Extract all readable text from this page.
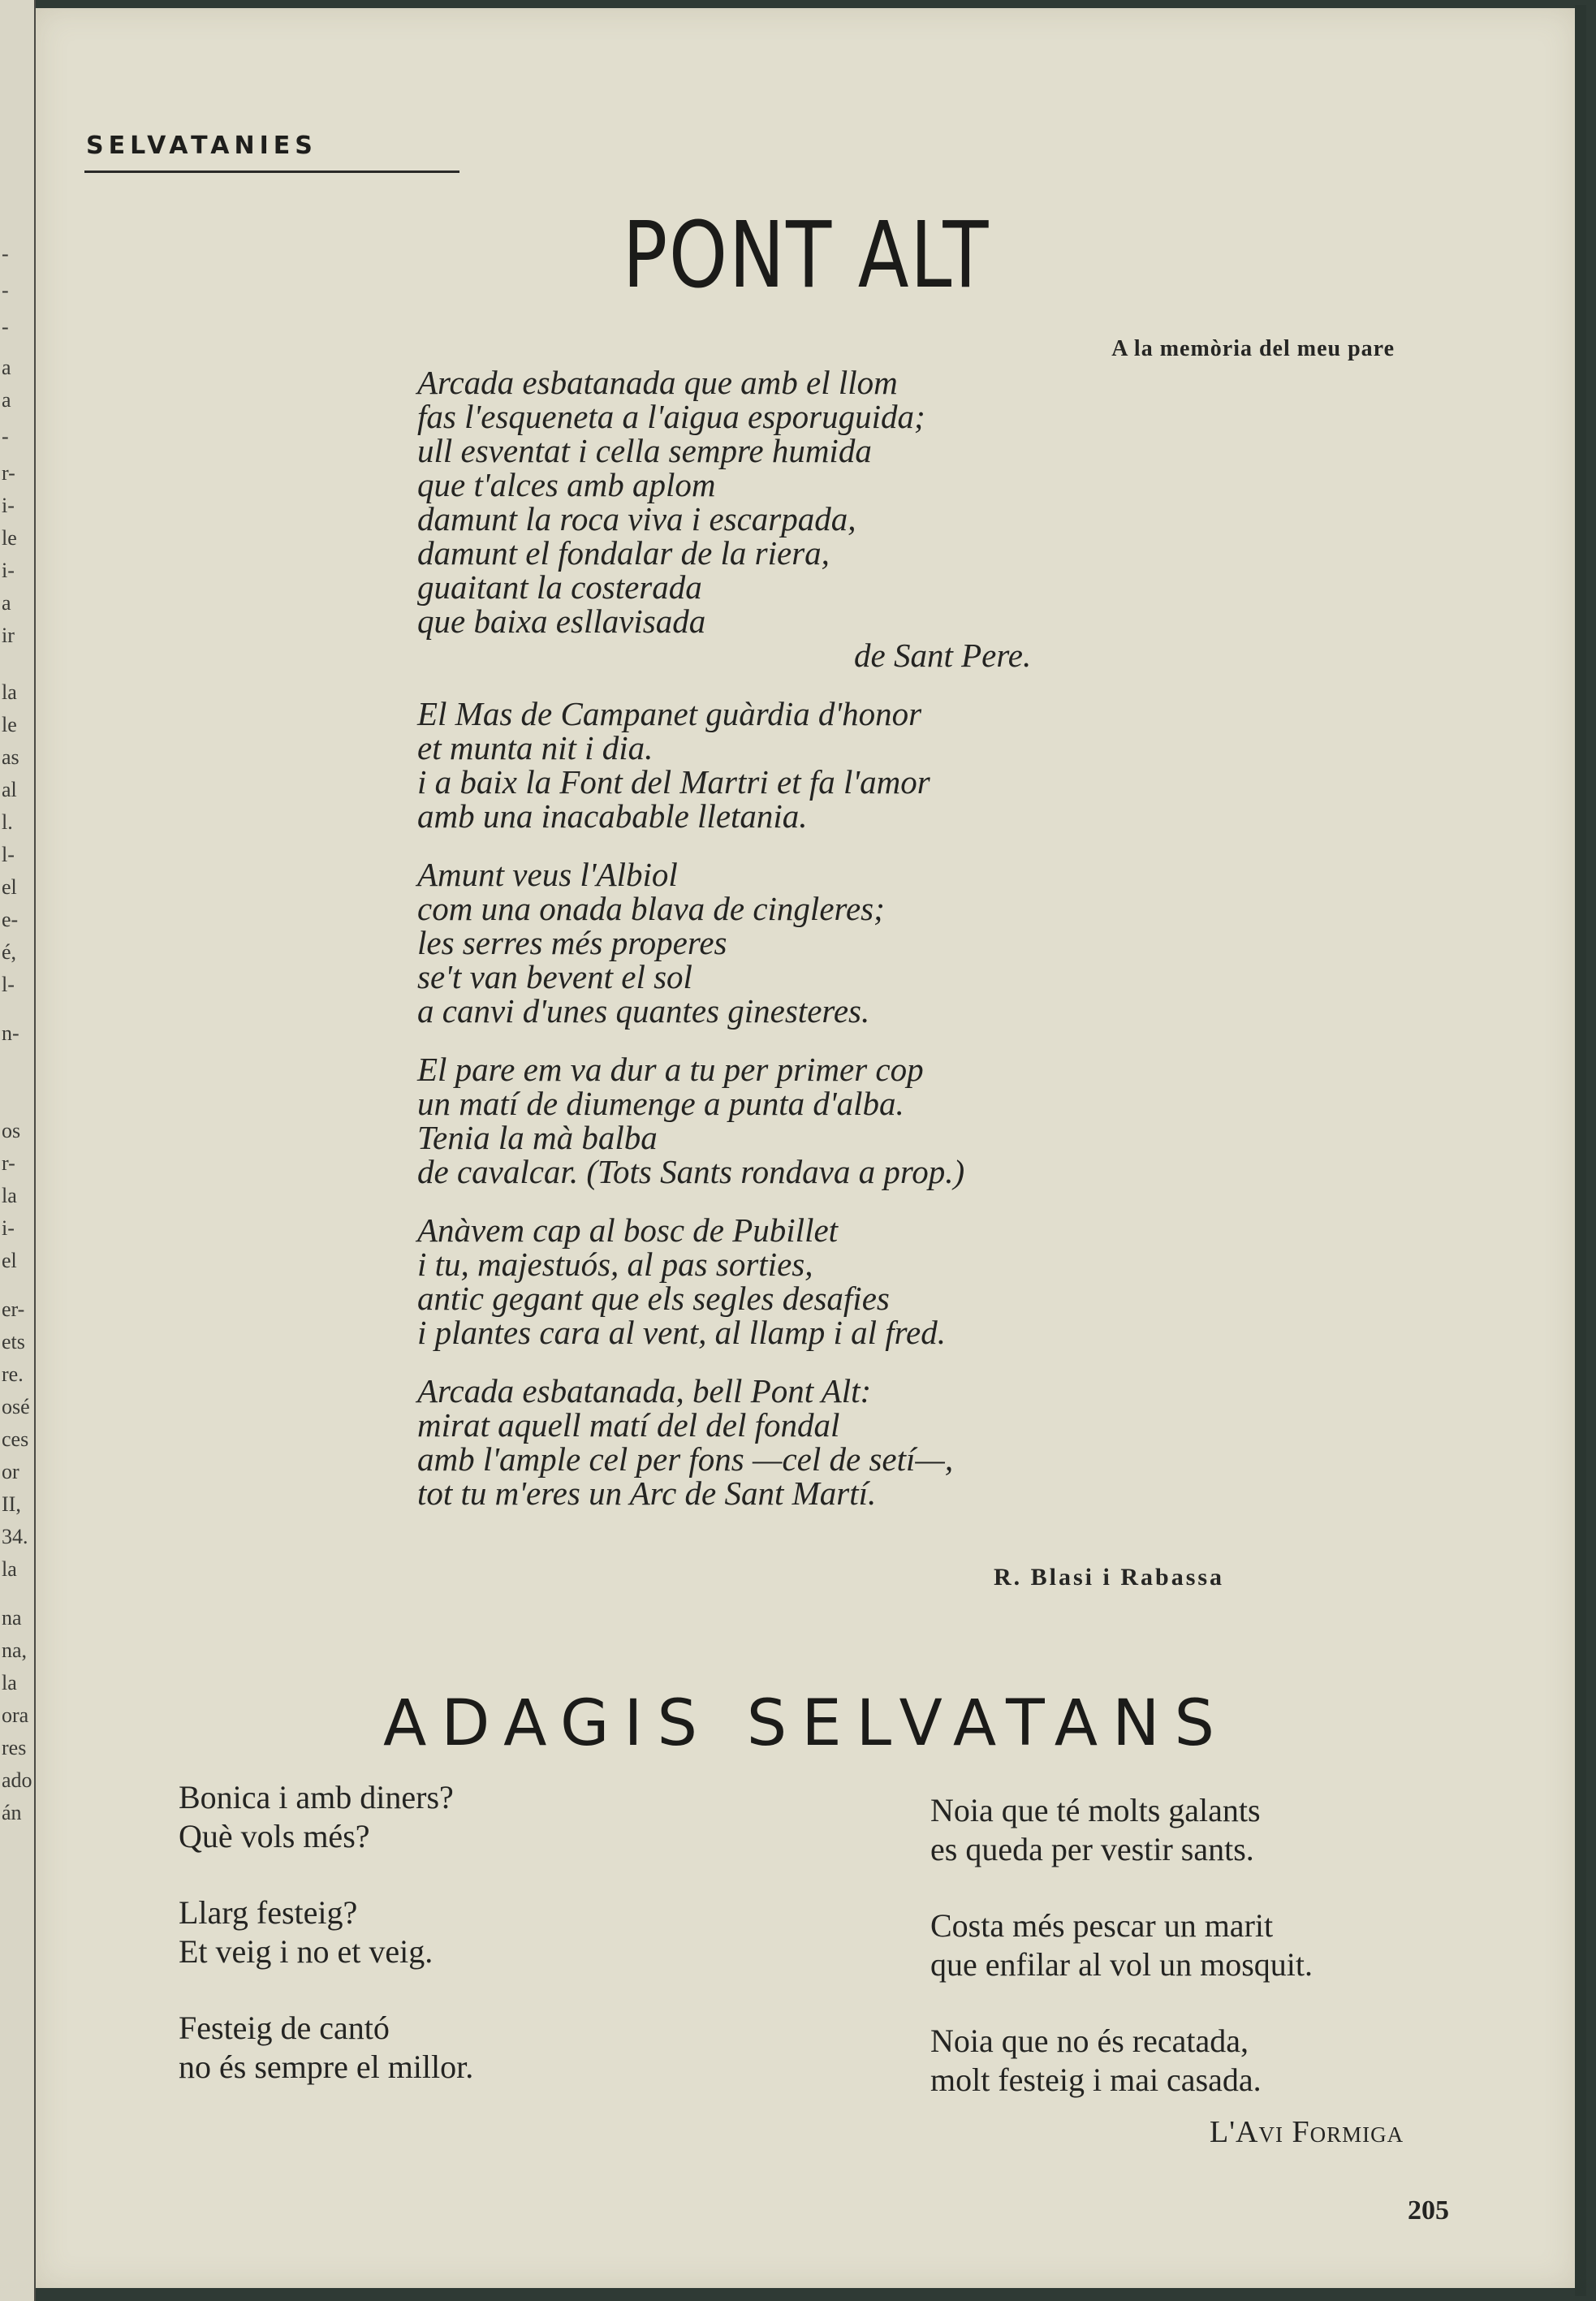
-
-
-
a
a
-
r-
i-
le
i-
a
ir
la
le
as
al
l.
l-
el
e-
é,
l-
n-
os
r-
la
i-
el
er-
ets
re.
osé
ces
or
II,
34.
la
na
na,
la
ora
res
ado
án
SELVATANIES
PONT ALT
A la memòria del meu pare
Arcada esbatanada que amb el llom
fas l'esqueneta a l'aigua esporuguida;
ull esventat i cella sempre humida
que t'alces amb aplom
damunt la roca viva i escarpada,
damunt el fondalar de la riera,
guaitant la costerada
que baixa esllavisada
de Sant Pere.
El Mas de Campanet guàrdia d'honor
et munta nit i dia.
i a baix la Font del Martri et fa l'amor
amb una inacabable lletania.
Amunt veus l'Albiol
com una onada blava de cingleres;
les serres més properes
se't van bevent el sol
a canvi d'unes quantes ginesteres.
El pare em va dur a tu per primer cop
un matí de diumenge a punta d'alba.
Tenia la mà balba
de cavalcar. (Tots Sants rondava a prop.)
Anàvem cap al bosc de Pubillet
i tu, majestuós, al pas sorties,
antic gegant que els segles desafies
i plantes cara al vent, al llamp i al fred.
Arcada esbatanada, bell Pont Alt:
mirat aquell matí del del fondal
amb l'ample cel per fons —cel de setí—,
tot tu m'eres un Arc de Sant Martí.
R. Blasi i Rabassa
ADAGIS SELVATANS
Bonica i amb diners?
Què vols més?
Llarg festeig?
Et veig i no et veig.
Festeig de cantó
no és sempre el millor.
Noia que té molts galants
es queda per vestir sants.
Costa més pescar un marit
que enfilar al vol un mosquit.
Noia que no és recatada,
molt festeig i mai casada.
L'Avi Formiga
205
